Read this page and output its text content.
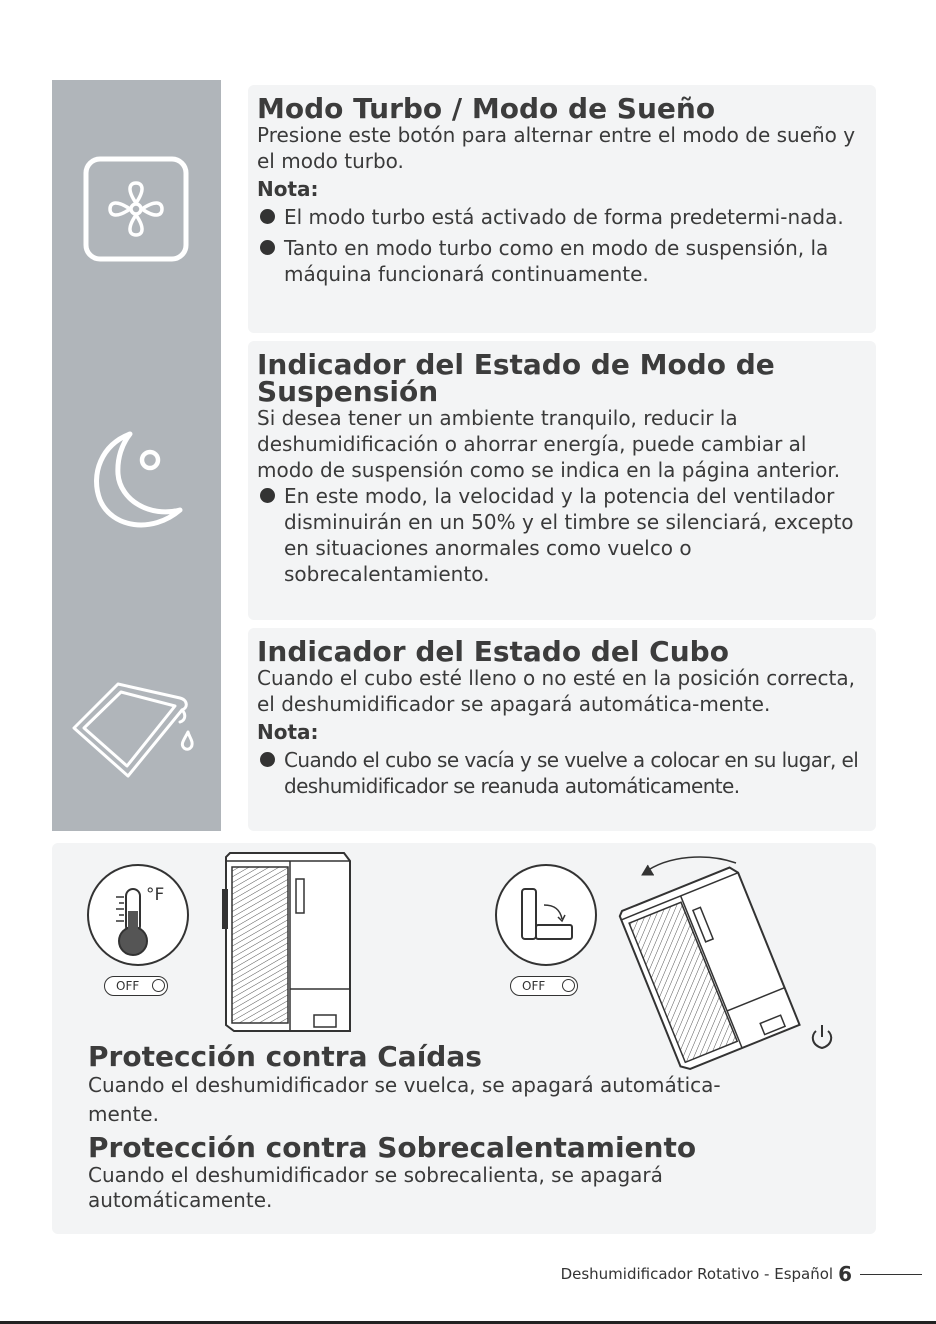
Modo Turbo / Modo de Sueño

Presione este botón para alternar entre el modo de sueño y el modo turbo.

Nota:

El modo turbo está activado de forma predetermi-nada.
Tanto en modo turbo como en modo de suspensión, la máquina funcionará continuamente.
Indicador del Estado de Modo de Suspensión

Si desea tener un ambiente tranquilo, reducir la deshumidificación o ahorrar energía, puede cambiar al modo de suspensión como se indica en la página anterior.

En este modo, la velocidad y la potencia del ventilador disminuirán en un 50% y el timbre se silenciará, excepto en situaciones anormales como vuelco o sobrecalentamiento.
Indicador del Estado del Cubo

Cuando el cubo esté lleno o no esté en la posición correcta, el deshumidificador se apagará automática-mente.

Nota:

Cuando el cubo se vacía y se vuelve a colocar en su lugar, el deshumidificador se reanuda automáticamente.
°F
OFF	OFF
Protección contra Caídas

Cuando el deshumidificador se vuelca, se apagará automática-

mente.

Protección contra Sobrecalentamiento

Cuando el deshumidificador se sobrecalienta, se apagará

automáticamente.

Deshumidificador Rotativo - Español 6
